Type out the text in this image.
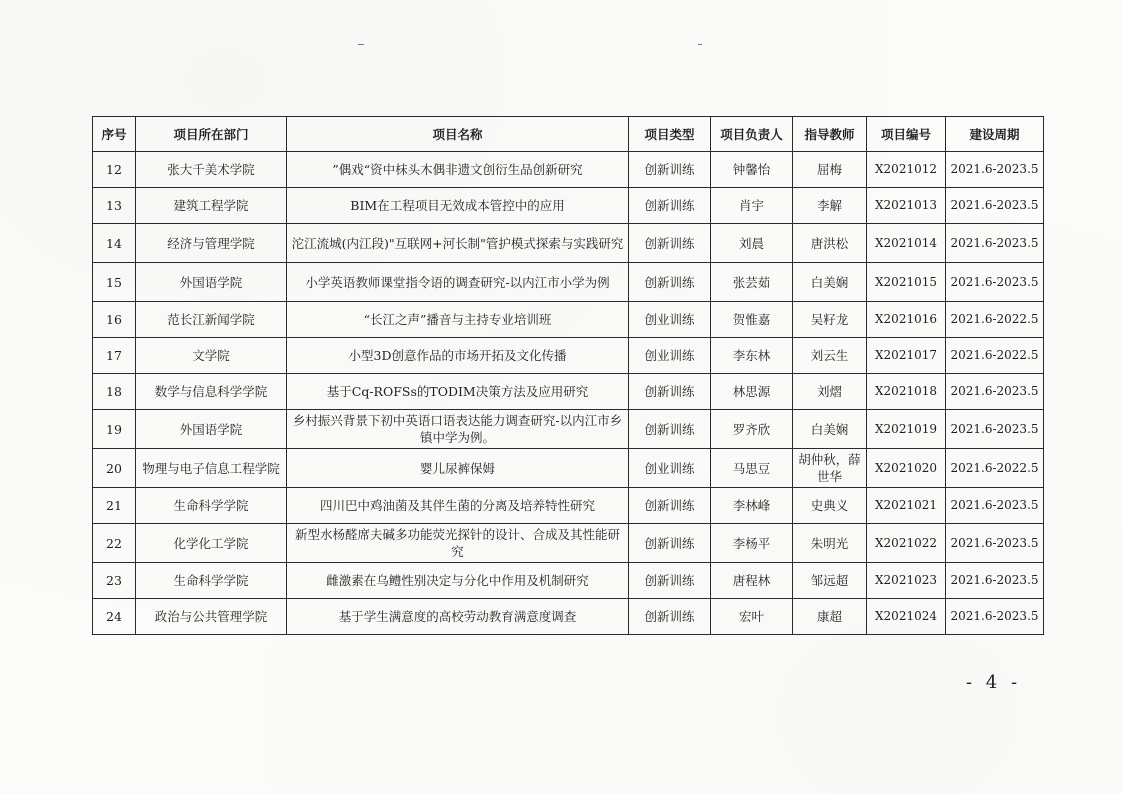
序号	项目所在部门	项目名称	项目类型	项目负责人	指导教师	项目编号	建设周期
12	张大千美术学院	”偶戏“资中枺头木偶非遗文创衍生品创新研究	创新训练	钟馨怡	屈梅	X2021012	2021.6-2023.5
13	建筑工程学院	BIM在工程项目无效成本管控中的应用	创新训练	肖宇	李解	X2021013	2021.6-2023.5
14	经济与管理学院	沱江流城(内江段)"互联网+河长制"管护模式探索与实践研究	创新训练	刘晨	唐洪松	X2021014	2021.6-2023.5
15	外国语学院	小学英语教师课堂指令语的调查研究-以内江市小学为例	创新训练	张芸茹	白美娴	X2021015	2021.6-2023.5
16	范长江新闻学院	“长江之声”播音与主持专业培训班	创业训练	贺惟嘉	吴籽龙	X2021016	2021.6-2022.5
17	文学院	小型3D创意作品的市场开拓及文化传播	创业训练	李东林	刘云生	X2021017	2021.6-2022.5
18	数学与信息科学学院	基于Cq-ROFSs的TODIM决策方法及应用研究	创新训练	林思源	刘熠	X2021018	2021.6-2023.5
19	外国语学院	乡村振兴背景下初中英语口语表达能力调查研究-以内江市乡镇中学为例。	创新训练	罗齐欣	白美娴	X2021019	2021.6-2023.5
20	物理与电子信息工程学院	婴儿尿裤保姆	创业训练	马思豆	胡仲秋，薛世华	X2021020	2021.6-2022.5
21	生命科学学院	四川巴中鸡油菌及其伴生菌的分离及培养特性研究	创新训练	李林峰	史典义	X2021021	2021.6-2023.5
22	化学化工学院	新型水杨醛席夫碱多功能荧光探针的设计、合成及其性能研究	创新训练	李杨平	朱明光	X2021022	2021.6-2023.5
23	生命科学学院	雌激素在乌鳢性别决定与分化中作用及机制研究	创新训练	唐程林	邹远超	X2021023	2021.6-2023.5
24	政治与公共管理学院	基于学生满意度的高校劳动教育满意度调查	创新训练	宏叶	康超	X2021024	2021.6-2023.5
- 4 -
